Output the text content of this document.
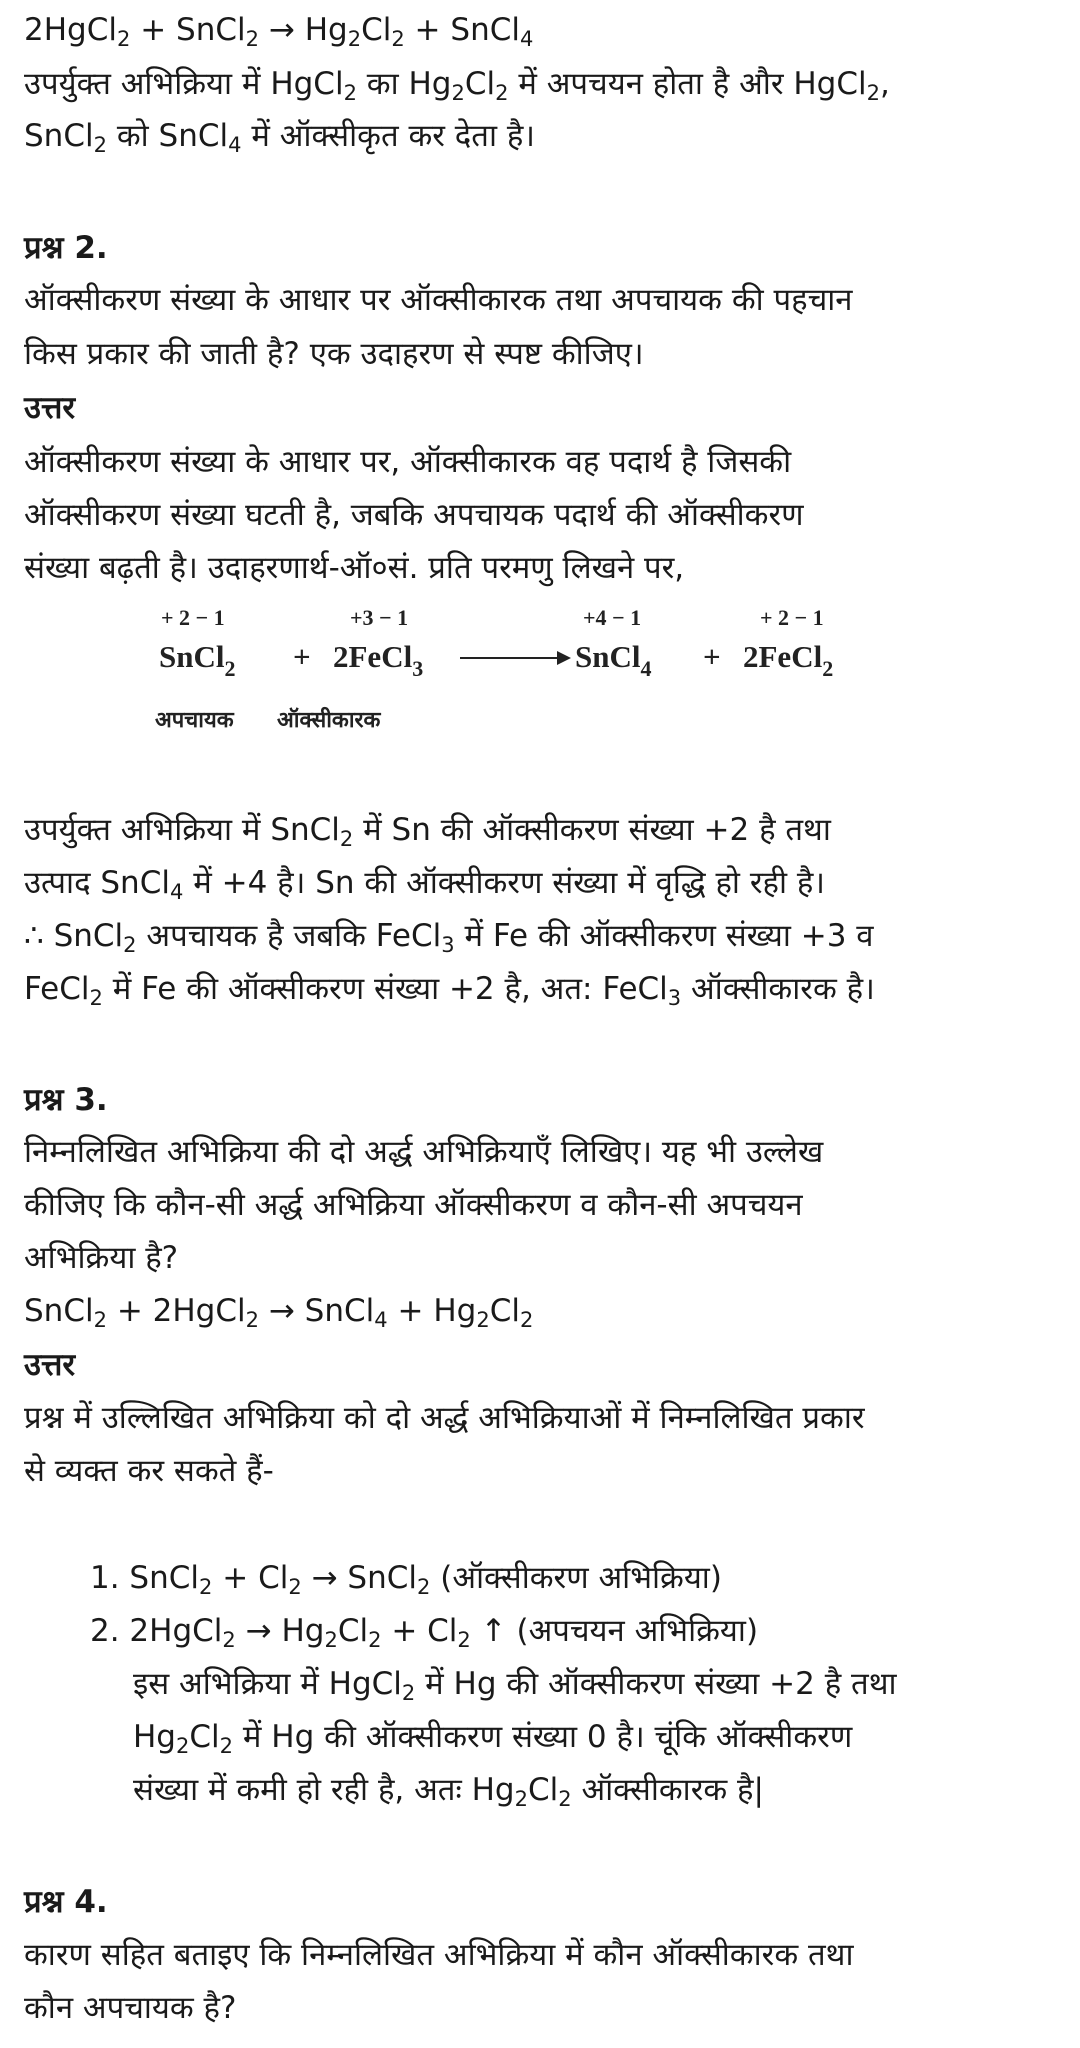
2HgCl$_2$ + SnCl$_2$ → $Hg_2Cl_2$ + SnCl$_4$
उपर्युक्त अभिक्रिया में HgCl$_2$ का $Hg_2Cl_2$ में अपचयन होता है और HgCl$_2$,
SnCl$_2$ को SnCl$_4$ में ऑक्सीकृत कर देता है।
प्रश्न 2.
ऑक्सीकरण संख्या के आधार पर ऑक्सीकारक तथा अपचायक की पहचान
किस प्रकार की जाती है? एक उदाहरण से स्पष्ट कीजिए।
उत्तर
ऑक्सीकरण संख्या के आधार पर, ऑक्सीकारक वह पदार्थ है जिसकी
ऑक्सीकरण संख्या घटती है, जबकि अपचायक पदार्थ की ऑक्सीकरण
संख्या बढ़ती है। उदाहरणार्थ-ऑ०सं. प्रति परमणु लिखने पर,
+ 2 − 1	+3 − 1	+4 − 1	+ 2 − 1
SnCl$_2$ + 2FeCl$_3$	SnCl$_4$ + 2FeCl$_2$
अपचायक ऑक्सीकारक
उपर्युक्त अभिक्रिया में SnCl$_2$ में Sn की ऑक्सीकरण संख्या +2 है तथा
उत्पाद SnCl$_4$ में +4 है। Sn की ऑक्सीकरण संख्या में वृद्धि हो रही है।
∴ SnCl$_2$ अपचायक है जबकि FeCl$_3$ में Fe की ऑक्सीकरण संख्या +3 व
FeCl$_2$ में Fe की ऑक्सीकरण संख्या +2 है, अत: FeCl$_3$ ऑक्सीकारक है।
प्रश्न 3.
निम्नलिखित अभिक्रिया की दो अर्द्ध अभिक्रियाएँ लिखिए। यह भी उल्लेख
कीजिए कि कौन-सी अर्द्ध अभिक्रिया ऑक्सीकरण व कौन-सी अपचयन
अभिक्रिया है?
SnCl$_2$ + 2HgCl$_2$ → SnCl$_4$ + $Hg_2Cl_2$
उत्तर
प्रश्न में उल्लिखित अभिक्रिया को दो अर्द्ध अभिक्रियाओं में निम्नलिखित प्रकार
से व्यक्त कर सकते हैं-
1. SnCl$_2$ + $Cl_2$ → SnCl$_2$ (ऑक्सीकरण अभिक्रिया)
2. 2HgCl$_2$ → $Hg_2Cl_2 + Cl_2$ ↑ (अपचयन अभिक्रिया)
इस अभिक्रिया में HgCl$_2$ में Hg की ऑक्सीकरण संख्या +2 है तथा
$Hg_2Cl_2$ में Hg की ऑक्सीकरण संख्या 0 है। चूंकि ऑक्सीकरण
संख्या में कमी हो रही है, अतः $Hg_2Cl_2$ ऑक्सीकारक है|
प्रश्न 4.
कारण सहित बताइए कि निम्नलिखित अभिक्रिया में कौन ऑक्सीकारक तथा
कौन अपचायक है?
